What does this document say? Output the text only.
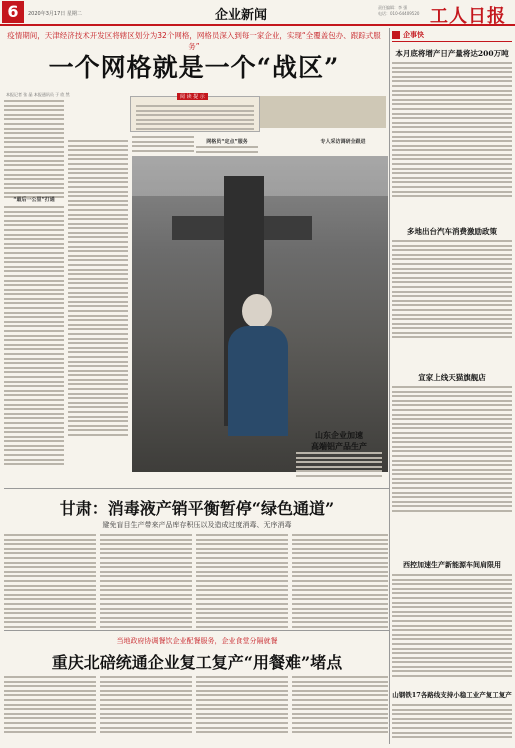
6	2020年3月17日 星期二	企业新闻
责任编辑：李 强
电话：010-64409520 工人日报
疫情期间，天津经济技术开发区将辖区划分为32个网格，网格员深入到每一家企业，实现“全覆盖包办、跟踪式服务”
一个网格就是一个“战区”
本报记者 张 晶 本报通讯员 于 欣 然	阅 读 提 示
“最后一公里”打通
网格员“定点”服务	专人采访调研全跟进
山东企业加速
高端铝产品生产
企事快
本月底将增产日产量将达200万吨
多地出台汽车消费激励政策
宣家上线天猫旗舰店
西控加速生产新能源车间肩限用
山钢铁17各路线支持小稳工业产复工复产
甘肃：消毒液产销平衡暂停“绿色通道”
避免盲目生产带来产品库存积压以及造成过度消毒、无序消毒
当地政府协调餐饮企业配餐服务，企业食堂分隔就餐
重庆北碚统通企业复工复产“用餐难”堵点
